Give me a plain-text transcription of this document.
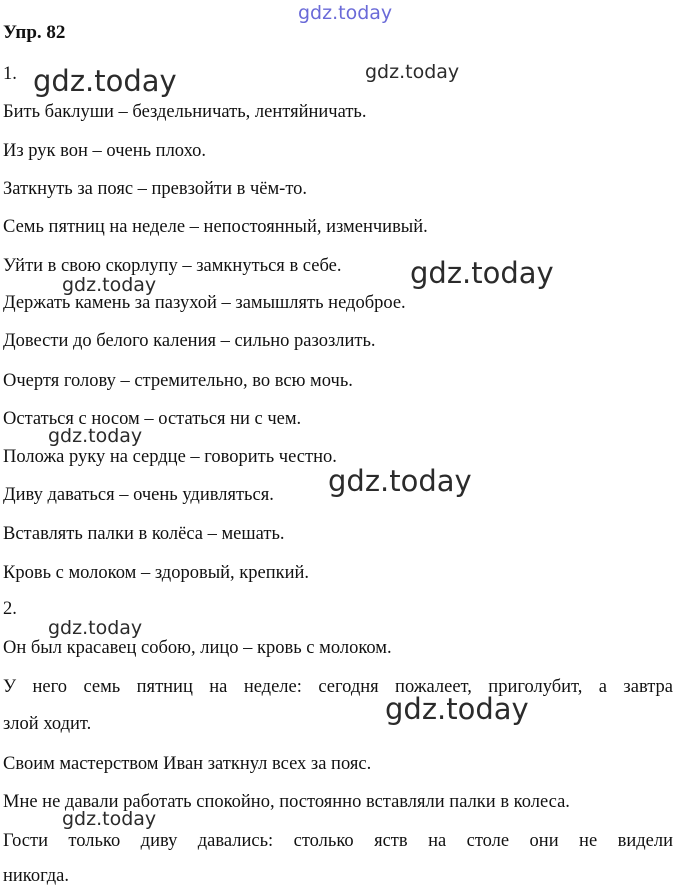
gdz.today
gdz.today	gdz.today
gdz.today
gdz.today
gdz.today
gdz.today
gdz.today
gdz.today
gdz.today
Упр. 82
1.
Бить баклуши – бездельничать, лентяйничать.
Из рук вон – очень плохо.
Заткнуть за пояс – превзойти в чём-то.
Семь пятниц на неделе – непостоянный, изменчивый.
Уйти в свою скорлупу – замкнуться в себе.
Держать камень за пазухой – замышлять недоброе.
Довести до белого каления – сильно разозлить.
Очертя голову – стремительно, во всю мочь.
Остаться с носом – остаться ни с чем.
Положа руку на сердце – говорить честно.
Диву даваться – очень удивляться.
Вставлять палки в колёса – мешать.
Кровь с молоком – здоровый, крепкий.
2.
Он был красавец собою, лицо – кровь с молоком.
У него семь пятниц на неделе: сегодня пожалеет, приголубит, а завтра
злой ходит.
Своим мастерством Иван заткнул всех за пояс.
Мне не давали работать спокойно, постоянно вставляли палки в колеса.
Гости только диву давались: столько яств на столе они не видели
никогда.
